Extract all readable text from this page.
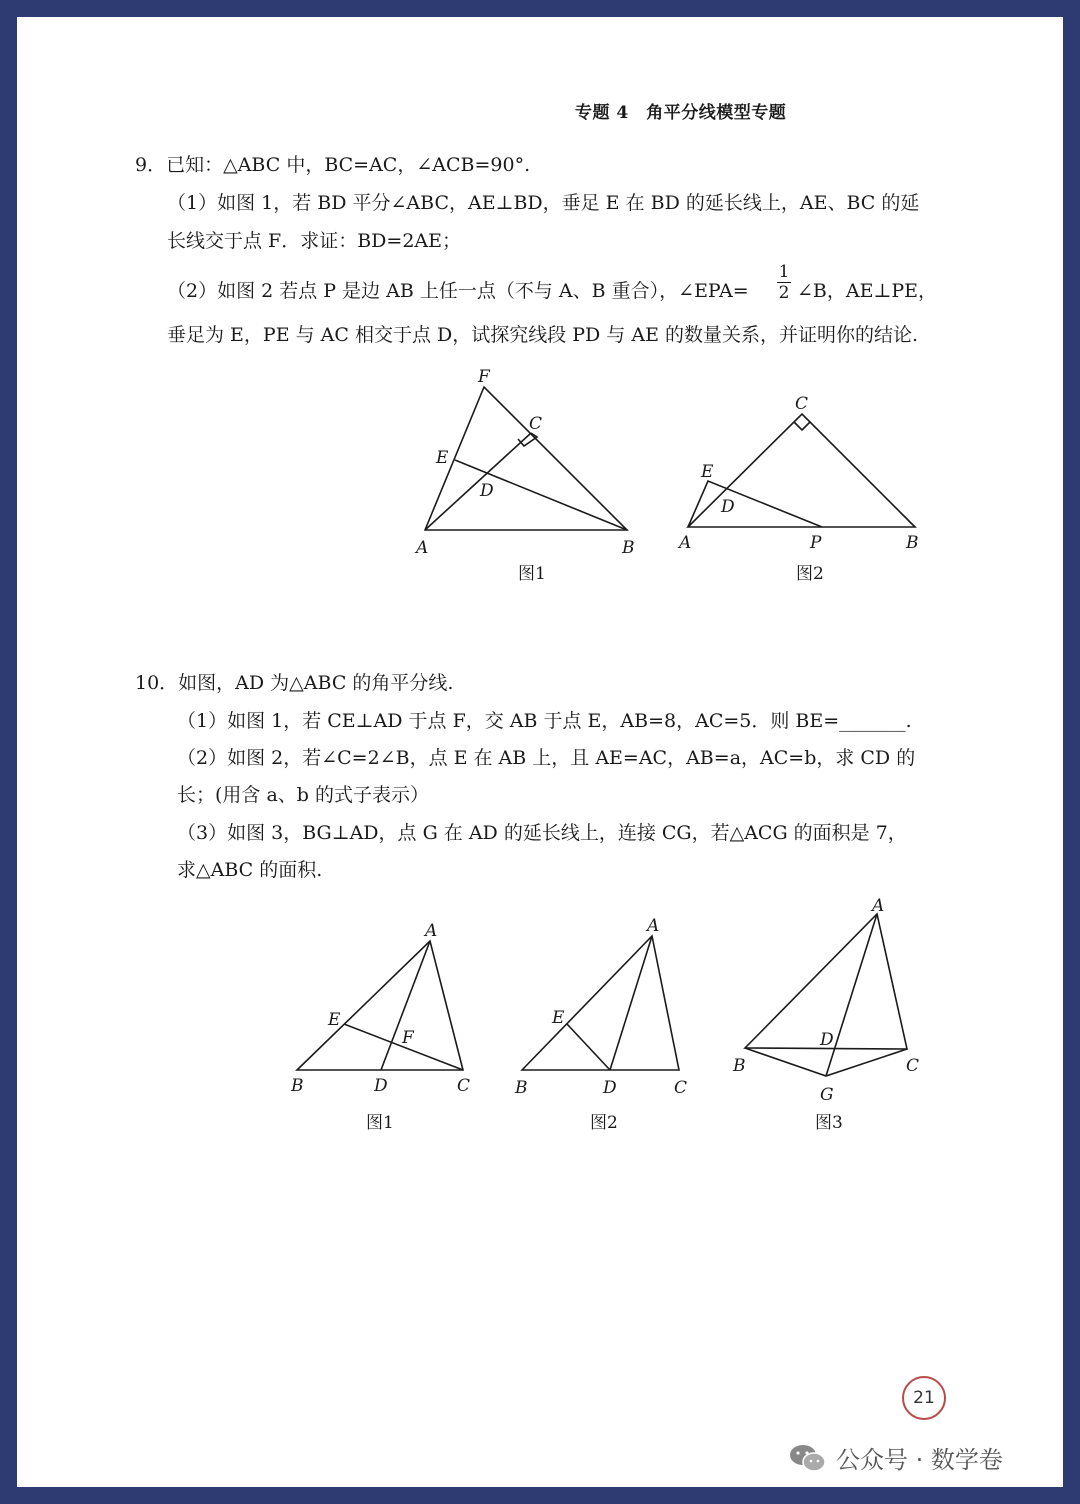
专题 4　角平分线模型专题
9．已知：△ABC 中，BC=AC，∠ACB=90°.
（1）如图 1，若 BD 平分∠ABC，AE⊥BD，垂足 E 在 BD 的延长线上，AE、BC 的延
长线交于点 F．求证：BD=2AE；
（2）如图 2 若点 P 是边 AB 上任一点（不与 A、B 重合），∠EPA=
1
2 ∠B，AE⊥PE，
垂足为 E，PE 与 AC 相交于点 D，试探究线段 PD 与 AE 的数量关系，并证明你的结论.
F
C
E
D
A	B
图1
C
E
D
A	P	B
图2
A
E
F
B	D	C
图1
A
E
B	D	C
图2
A
D
B	C
G
图3
10．如图，AD 为△ABC 的角平分线.
（1）如图 1，若 CE⊥AD 于点 F，交 AB 于点 E，AB=8，AC=5．则 BE=_______.
（2）如图 2，若∠C=2∠B，点 E 在 AB 上，且 AE=AC，AB=a，AC=b，求 CD 的
长；(用含 a、b 的式子表示）
（3）如图 3，BG⊥AD，点 G 在 AD 的延长线上，连接 CG，若△ACG 的面积是 7，
求△ABC 的面积.
21
公众号 · 数学卷
